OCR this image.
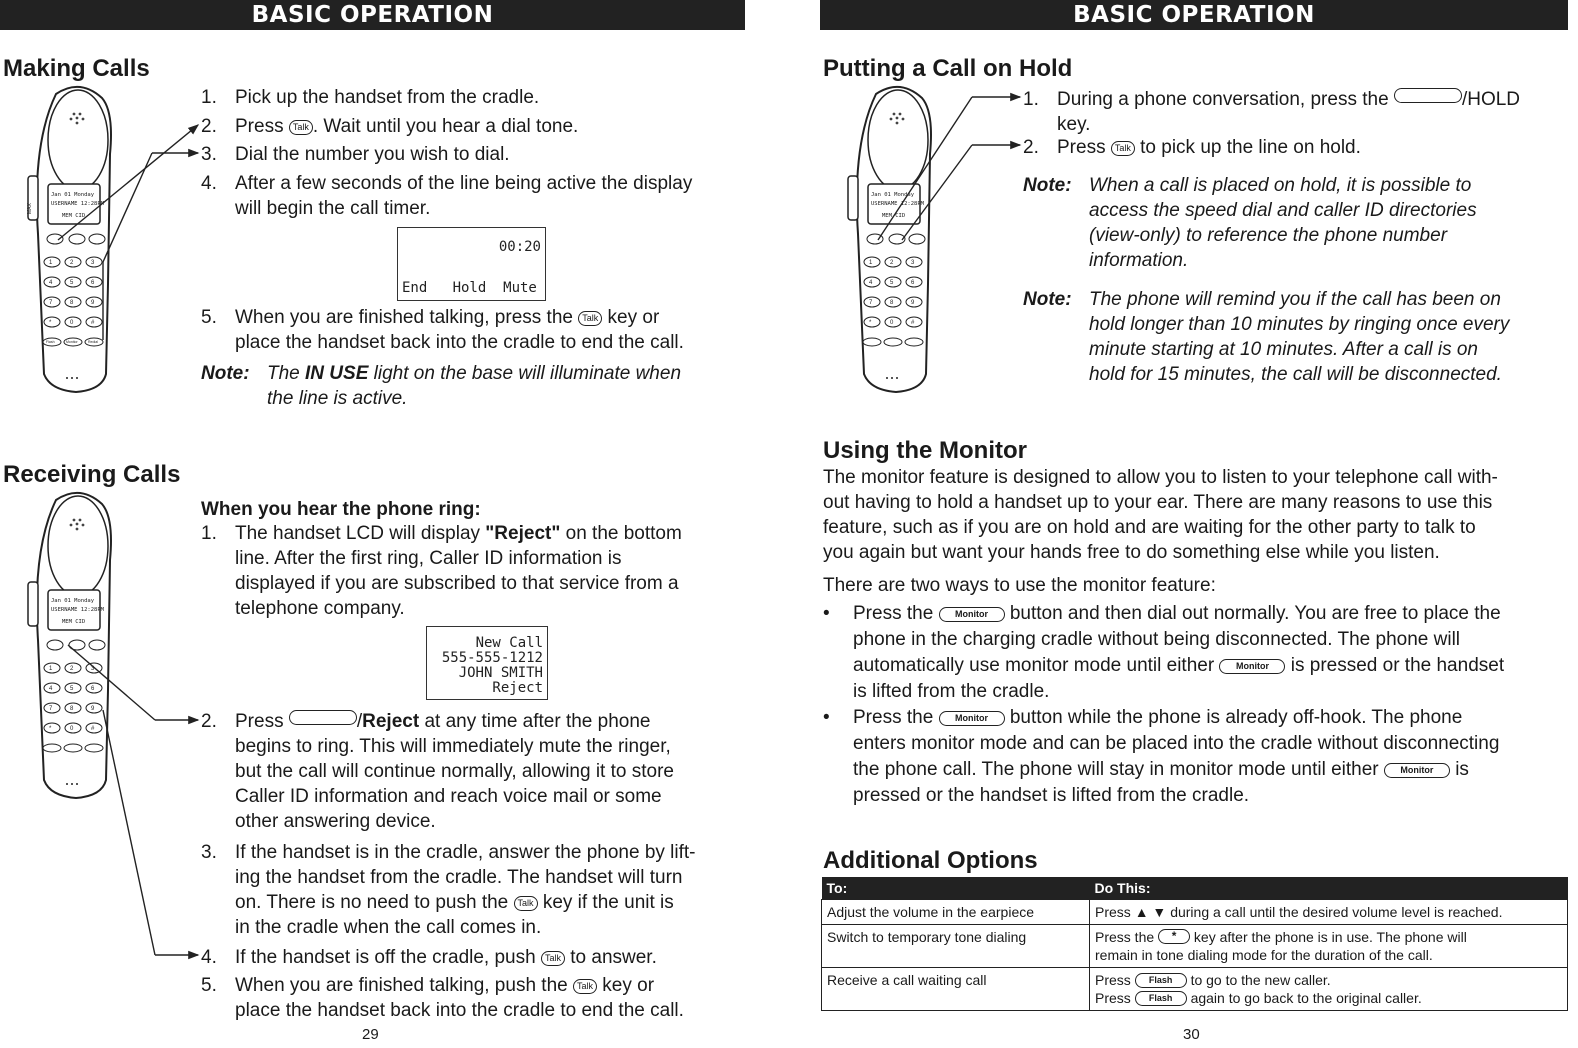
BASIC OPERATION
Making Calls
MAX
Jan 01 Monday
USERNAME 12:28PM
MEM CID
1	2	3
4	5	6
7	8	9
*	0	#
Flash	Monitor	Redial
1. Pick up the handset from the cradle.
2. Press Talk . Wait until you hear a dial tone.
3. Dial the number you wish to dial.
4. After a few seconds of the line being active the display
will begin the call timer.
00:20
End   Hold  Mute
5. When you are finished talking, press the Talk key or
place the handset back into the cradle to end the call.
Note: The IN USE light on the base will illuminate when
the line is active.
Receiving Calls
Jan 01 Monday
USERNAME 12:28PM
MEM CID
1	2	3
4	5	6
7	8	9
*	0	#
When you hear the phone ring:
1. The handset LCD will display "Reject" on the bottom
line. After the first ring, Caller ID information is
displayed if you are subscribed to that service from a
telephone company.
New Call
555-555-1212
JOHN SMITH
Reject
2. Press	/Reject at any time after the phone
begins to ring. This will immediately mute the ringer,
but the call will continue normally, allowing it to store
Caller ID information and reach voice mail or some
other answering device.
3. If the handset is in the cradle, answer the phone by lift-
ing the handset from the cradle. The handset will turn
on. There is no need to push the Talk key if the unit is
in the cradle when the call comes in.
4. If the handset is off the cradle, push Talk to answer.
5. When you are finished talking, push the Talk key or
place the handset back into the cradle to end the call.
29
BASIC OPERATION
Putting a Call on Hold
Jan 01 Monday
USERNAME 12:28PM
MEM CID
1	2	3
4	5	6
7	8	9
*	0	#
1. During a phone conversation, press the	/HOLD
key.
2. Press Talk to pick up the line on hold.
Note: When a call is placed on hold, it is possible to
access the speed dial and caller ID directories
(view-only) to reference the phone number
information.
Note: The phone will remind you if the call has been on
hold longer than 10 minutes by ringing once every
minute starting at 10 minutes. After a call is on
hold for 15 minutes, the call will be disconnected.
Using the Monitor
The monitor feature is designed to allow you to listen to your telephone call with-
out having to hold a handset up to your ear. There are many reasons to use this
feature, such as if you are on hold and are waiting for the other party to talk to
you again but want your hands free to do something else while you listen.
There are two ways to use the monitor feature:
• Press the Monitor button and then dial out normally. You are free to place the
phone in the charging cradle without being disconnected. The phone will
automatically use monitor mode until either Monitor is pressed or the handset
is lifted from the cradle.
• Press the Monitor button while the phone is already off-hook. The phone
enters monitor mode and can be placed into the cradle without disconnecting
the phone call. The phone will stay in monitor mode until either Monitor is
pressed or the handset is lifted from the cradle.
Additional Options
To:	Do This:
Adjust the volume in the earpiece	Press ▲ ▼ during a call until the desired volume level is reached.
Switch to temporary tone dialing	Press the * key after the phone is in use. The phone will
remain in tone dialing mode for the duration of the call.
Receive a call waiting call	Press Flash to go to the new caller.
Press Flash again to go back to the original caller.
30
